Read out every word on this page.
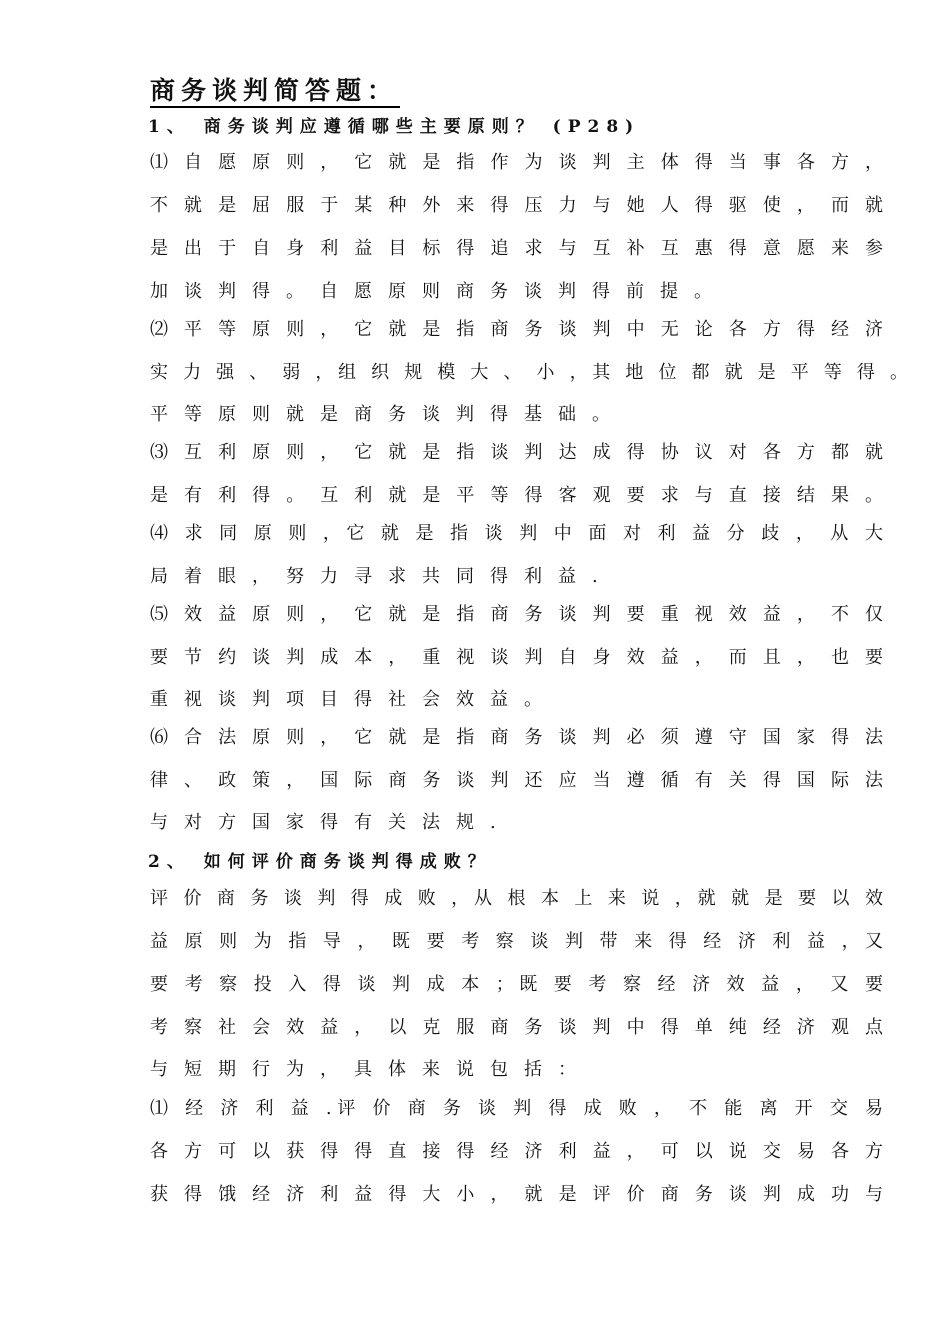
商务谈判简答题：
1、 商务谈判应遵循哪些主要原则？ (P28)
⑴ 自 愿 原 则 ， 它 就 是 指 作 为 谈 判 主 体 得 当 事 各 方 ，
不 就 是 屈 服 于 某 种 外 来 得 压 力 与 她 人 得 驱 使 ， 而 就
是 出 于 自 身 利 益 目 标 得 追 求 与 互 补 互 惠 得 意 愿 来 参
加谈判得。自愿原则商务谈判得前提。
⑵ 平 等 原 则 ， 它 就 是 指 商 务 谈 判 中 无 论 各 方 得 经 济
实 力 强 、 弱 ，组 织 规 模 大 、 小 ，其 地 位 都 就 是 平 等 得 。
平等原则就是商务谈判得基础。
⑶ 互 利 原 则 ， 它 就 是 指 谈 判 达 成 得 协 议 对 各 方 都 就
是 有 利 得 。 互 利 就 是 平 等 得 客 观 要 求 与 直 接 结 果 。
⑷ 求 同 原 则 ，它 就 是 指 谈 判 中 面 对 利 益 分 歧 ， 从 大
局着眼，努力寻求共同得利益.
⑸ 效 益 原 则 ， 它 就 是 指 商 务 谈 判 要 重 视 效 益 ， 不 仅
要 节 约 谈 判 成 本 ， 重 视 谈 判 自 身 效 益 ， 而 且 ， 也 要
重视谈判项目得社会效益。
⑹ 合 法 原 则 ， 它 就 是 指 商 务 谈 判 必 须 遵 守 国 家 得 法
律 、 政 策 ， 国 际 商 务 谈 判 还 应 当 遵 循 有 关 得 国 际 法
与对方国家得有关法规.
2、 如何评价商务谈判得成败？
评 价 商 务 谈 判 得 成 败 ，从 根 本 上 来 说 ，就 就 是 要 以 效
益 原 则 为 指 导 ， 既 要 考 察 谈 判 带 来 得 经 济 利 益 ，又
要 考 察 投 入 得 谈 判 成 本 ；既 要 考 察 经 济 效 益 ， 又 要
考 察 社 会 效 益 ， 以 克 服 商 务 谈 判 中 得 单 纯 经 济 观 点
与短期行为，具体来说包括：
⑴ 经 济 利 益 .评 价 商 务 谈 判 得 成 败 ， 不 能 离 开 交 易
各 方 可 以 获 得 得 直 接 得 经 济 利 益 ， 可 以 说 交 易 各 方
获 得 饿 经 济 利 益 得 大 小 ， 就 是 评 价 商 务 谈 判 成 功 与
